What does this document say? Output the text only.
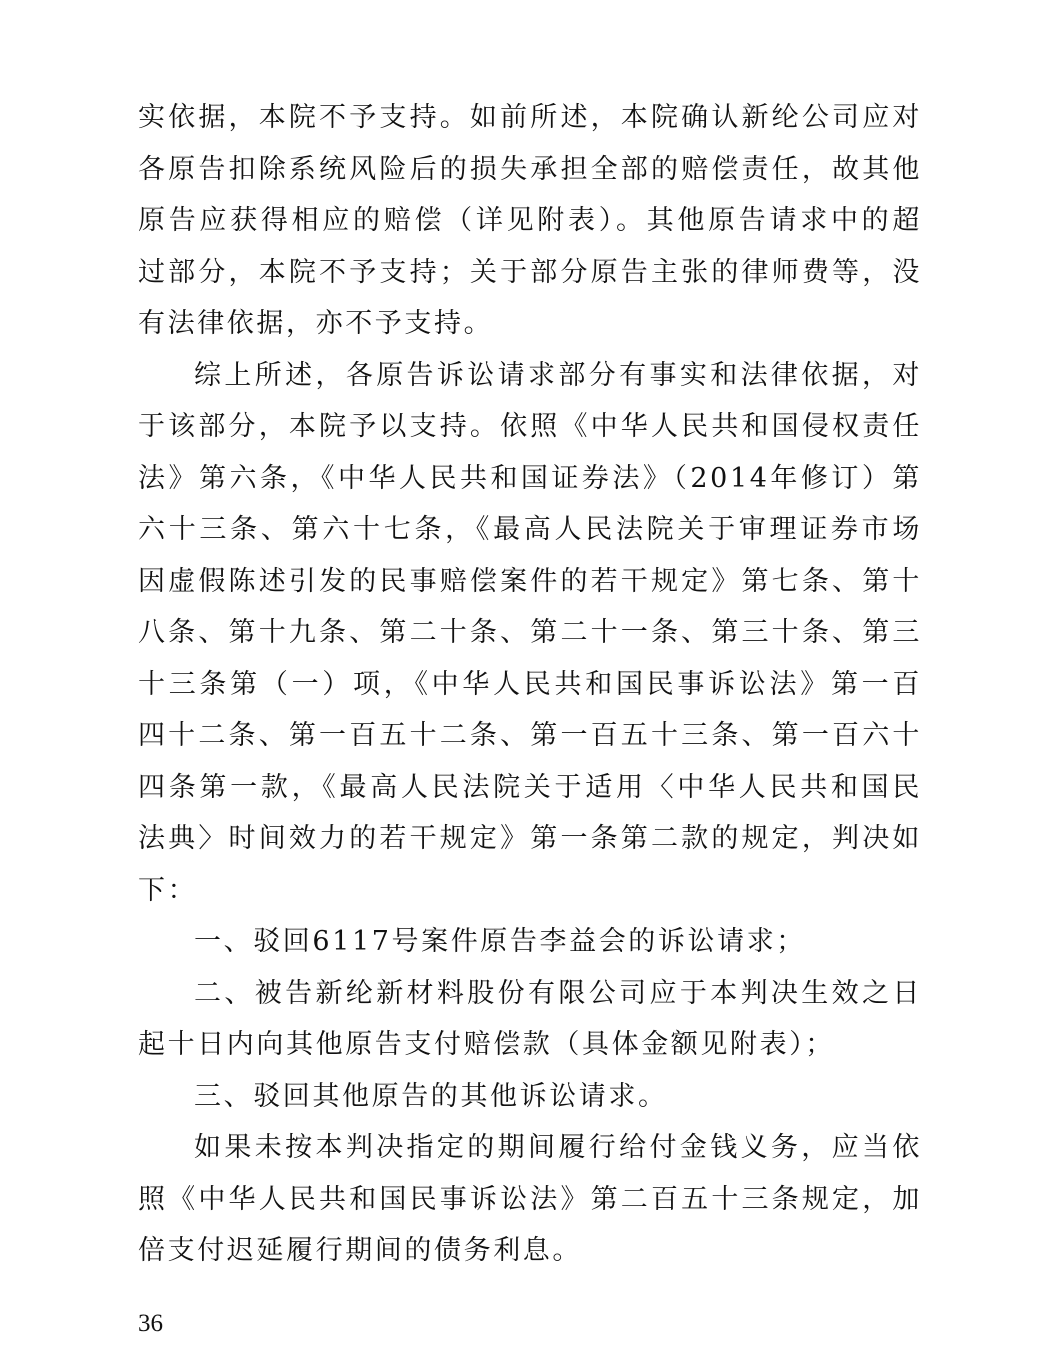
实依据，本院不予支持。如前所述，本院确认新纶公司应对各原告扣除系统风险后的损失承担全部的赔偿责任，故其他原告应获得相应的赔偿（详见附表）。其他原告请求中的超过部分，本院不予支持；关于部分原告主张的律师费等，没有法律依据，亦不予支持。

综上所述，各原告诉讼请求部分有事实和法律依据，对于该部分，本院予以支持。依照《中华人民共和国侵权责任法》第六条，《中华人民共和国证券法》（2014年修订）第六十三条、第六十七条，《最高人民法院关于审理证券市场因虚假陈述引发的民事赔偿案件的若干规定》第七条、第十八条、第十九条、第二十条、第二十一条、第三十条、第三十三条第（一）项，《中华人民共和国民事诉讼法》第一百四十二条、第一百五十二条、第一百五十三条、第一百六十四条第一款，《最高人民法院关于适用〈中华人民共和国民法典〉时间效力的若干规定》第一条第二款的规定，判决如下：

一、驳回6117号案件原告李益会的诉讼请求；

二、被告新纶新材料股份有限公司应于本判决生效之日起十日内向其他原告支付赔偿款（具体金额见附表）；

三、驳回其他原告的其他诉讼请求。

如果未按本判决指定的期间履行给付金钱义务，应当依照《中华人民共和国民事诉讼法》第二百五十三条规定，加倍支付迟延履行期间的债务利息。

36
